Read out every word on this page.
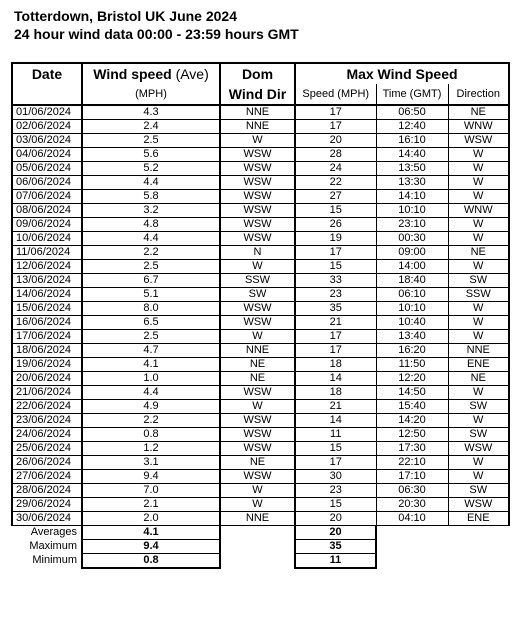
Totterdown, Bristol UK June 2024
24 hour wind data 00:00 - 23:59 hours GMT
Date	Wind speed (Ave)	Dom	Max Wind Speed		
	(MPH)	Wind Dir	Speed (MPH)	Time (GMT)	Direction
01/06/2024	4.3	NNE	17	06:50	NE
02/06/2024	2.4	NNE	17	12:40	WNW
03/06/2024	2.5	W	20	16:10	WSW
04/06/2024	5.6	WSW	28	14:40	W
05/06/2024	5.2	WSW	24	13:50	W
06/06/2024	4.4	WSW	22	13:30	W
07/06/2024	5.8	WSW	27	14:10	W
08/06/2024	3.2	WSW	15	10:10	WNW
09/06/2024	4.8	WSW	26	23:10	W
10/06/2024	4.4	WSW	19	00:30	W
11/06/2024	2.2	N	17	09:00	NE
12/06/2024	2.5	W	15	14:00	W
13/06/2024	6.7	SSW	33	18:40	SW
14/06/2024	5.1	SW	23	06:10	SSW
15/06/2024	8.0	WSW	35	10:10	W
16/06/2024	6.5	WSW	21	10:40	W
17/06/2024	2.5	W	17	13:40	W
18/06/2024	4.7	NNE	17	16:20	NNE
19/06/2024	4.1	NE	18	11:50	ENE
20/06/2024	1.0	NE	14	12:20	NE
21/06/2024	4.4	WSW	18	14:50	W
22/06/2024	4.9	W	21	15:40	SW
23/06/2024	2.2	WSW	14	14:20	W
24/06/2024	0.8	WSW	11	12:50	SW
25/06/2024	1.2	WSW	15	17:30	WSW
26/06/2024	3.1	NE	17	22:10	W
27/06/2024	9.4	WSW	30	17:10	W
28/06/2024	7.0	W	23	06:30	SW
29/06/2024	2.1	W	15	20:30	WSW
30/06/2024	2.0	NNE	20	04:10	ENE
Averages	4.1		20		
Maximum	9.4		35		
Minimum	0.8		11		
